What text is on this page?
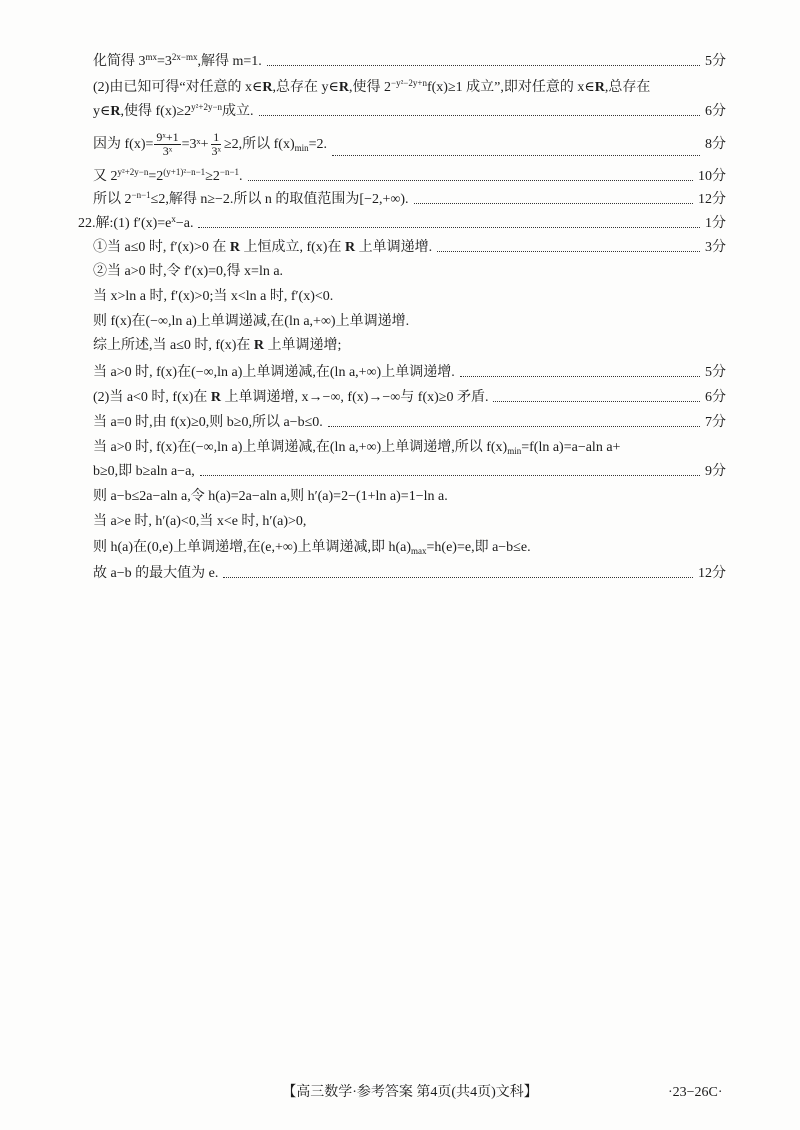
化简得 $3^{mx}=3^{2x-mx}$,解得 m=1.	5分
(2)由已知可得“对任意的 x∈R,总存在 y∈R,使得 $2^{-y^2-2y+n}f(x)\ge 1$ 成立”,即对任意的 x∈R,总存在
y∈R,使得 $f(x)\ge 2^{y^2+2y-n}$成立.	6分
因为 $f(x)= \frac{\text{9ˣ+1}}{\text{3ˣ}}$ =3ˣ+ $\frac{1}{\text{3ˣ}} \ge 2$,所以 $f(x)_{min}=2$.	8分
又 $2^{y^2+2y-n}=2^{(y+1)^2-n-1}\ge 2^{-n-1}$.	10分
所以 $2^{-n-1}\le 2$,解得 n≥−2.所以 n 的取值范围为[−2,+∞).	12分
22.解:(1) $f'(x)=e^x-a$.	1分
①当 a≤0 时, f′(x)>0 在 R 上恒成立, f(x)在 R 上单调递增.	3分
②当 a>0 时,令 f′(x)=0,得 x=ln a.
当 x>ln a 时, f′(x)>0;当 x<ln a 时, f′(x)<0.
则 f(x)在(−∞,ln a)上单调递减,在(ln a,+∞)上单调递增.
综上所述,当 a≤0 时, f(x)在 R 上单调递增;
当 a>0 时, f(x)在(−∞,ln a)上单调递减,在(ln a,+∞)上单调递增.	5分
(2)当 a<0 时, f(x)在 R 上单调递增, x→−∞, f(x)→−∞与 f(x)≥0 矛盾.	6分
当 a=0 时,由 f(x)≥0,则 b≥0,所以 a−b≤0.	7分
当 a>0 时, f(x)在(−∞,ln a)上单调递减,在(ln a,+∞)上单调递增,所以 $f(x)_{min}=f(\ln$ a)=a−aln a+
b≥0,即 b≥aln a−a,	9分
则 a−b≤2a−aln a,令 h(a)=2a−aln a,则 h′(a)=2−(1+ln a)=1−ln a.
当 a>e 时, h′(a)<0,当 x<e 时, h′(a)>0,
则 h(a)在(0,e)上单调递增,在(e,+∞)上单调递减,即 $h(a)_{max}=h(e)=e$,即 a−b≤e.
故 a−b 的最大值为 e.	12分
【高三数学·参考答案 第4页(共4页)文科】	·23−26C·
